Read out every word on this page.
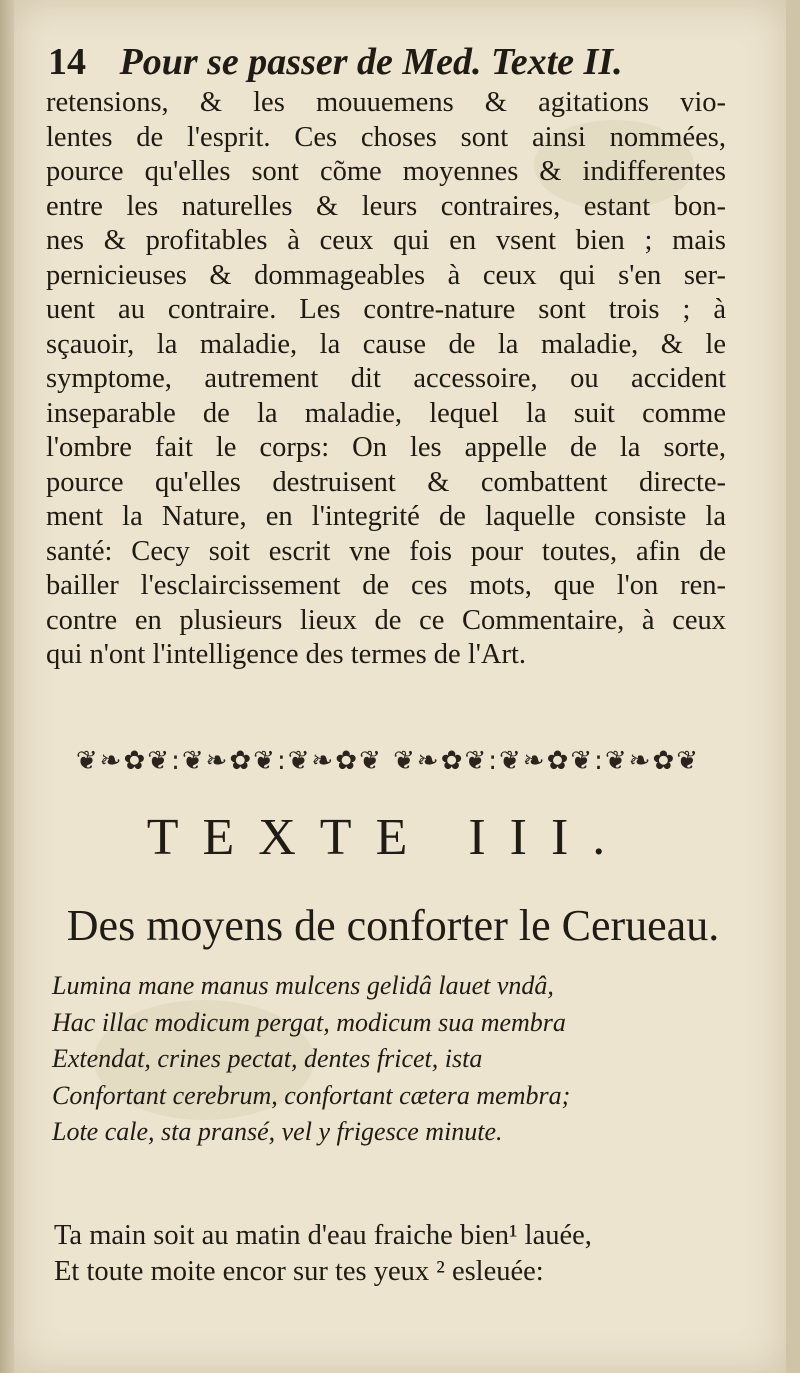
14 Pour se passer de Med. Texte II.
retensions, & les mouuemens & agitations vio-
lentes de l'esprit. Ces choses sont ainsi nommées,
pource qu'elles sont cõme moyennes & indifferentes
entre les naturelles & leurs contraires, estant bon-
nes & profitables à ceux qui en vsent bien ; mais
pernicieuses & dommageables à ceux qui s'en ser-
uent au contraire. Les contre-nature sont trois ; à
sçauoir, la maladie, la cause de la maladie, & le
symptome, autrement dit accessoire, ou accident
inseparable de la maladie, lequel la suit comme
l'ombre fait le corps: On les appelle de la sorte,
pource qu'elles destruisent & combattent directe-
ment la Nature, en l'integrité de laquelle consiste la
santé: Cecy soit escrit vne fois pour toutes, afin de
bailler l'esclaircissement de ces mots, que l'on ren-
contre en plusieurs lieux de ce Commentaire, à ceux
qui n'ont l'intelligence des termes de l'Art.
❦❧✿❦:❦❧✿❦:❦❧✿❦ ❦❧✿❦:❦❧✿❦:❦❧✿❦
TEXTE III.
Des moyens de conforter le Cerueau.
Lumina mane manus mulcens gelidâ lauet vndâ,
Hac illac modicum pergat, modicum sua membra
Extendat, crines pectat, dentes fricet, ista
Confortant cerebrum, confortant cætera membra;
Lote cale, sta pransé, vel y frigesce minute.
Ta main soit au matin d'eau fraiche bien¹ lauée,
Et toute moite encor sur tes yeux ² esleuée:
